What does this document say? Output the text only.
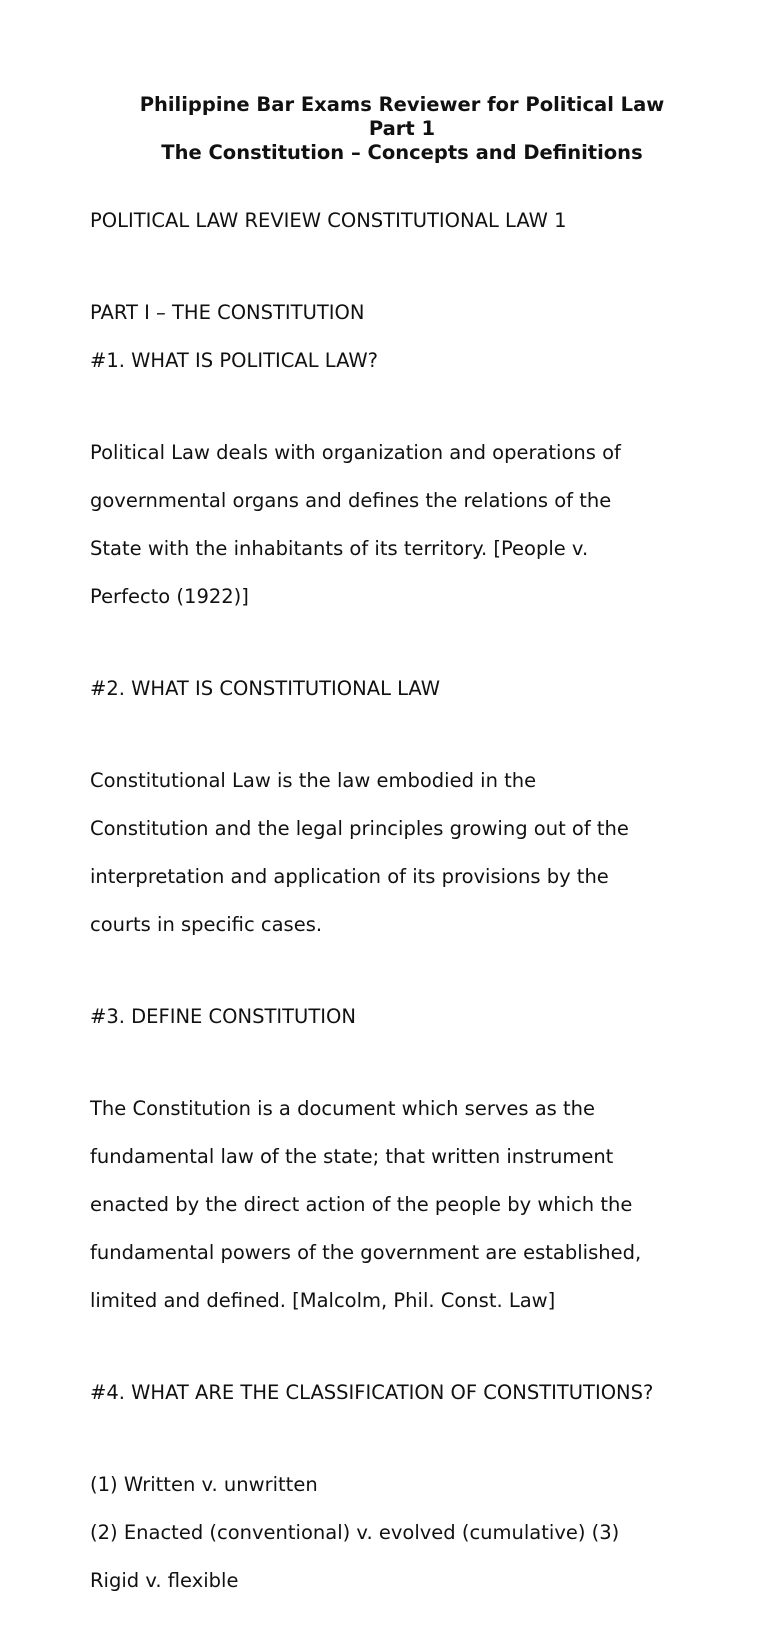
Philippine Bar Exams Reviewer for Political Law
Part 1
The Constitution – Concepts and Definitions

POLITICAL LAW REVIEW CONSTITUTIONAL LAW 1

PART I – THE CONSTITUTION

#1. WHAT IS POLITICAL LAW?

Political Law deals with organization and operations of

governmental organs and defines the relations of the

State with the inhabitants of its territory. [People v.

Perfecto (1922)]

#2. WHAT IS CONSTITUTIONAL LAW

Constitutional Law is the law embodied in the

Constitution and the legal principles growing out of the

interpretation and application of its provisions by the

courts in specific cases.

#3. DEFINE CONSTITUTION

The Constitution is a document which serves as the

fundamental law of the state; that written instrument

enacted by the direct action of the people by which the

fundamental powers of the government are established,

limited and defined. [Malcolm, Phil. Const. Law]

#4. WHAT ARE THE CLASSIFICATION OF CONSTITUTIONS?

(1) Written v. unwritten

(2) Enacted (conventional) v. evolved (cumulative) (3)

Rigid v. flexible
